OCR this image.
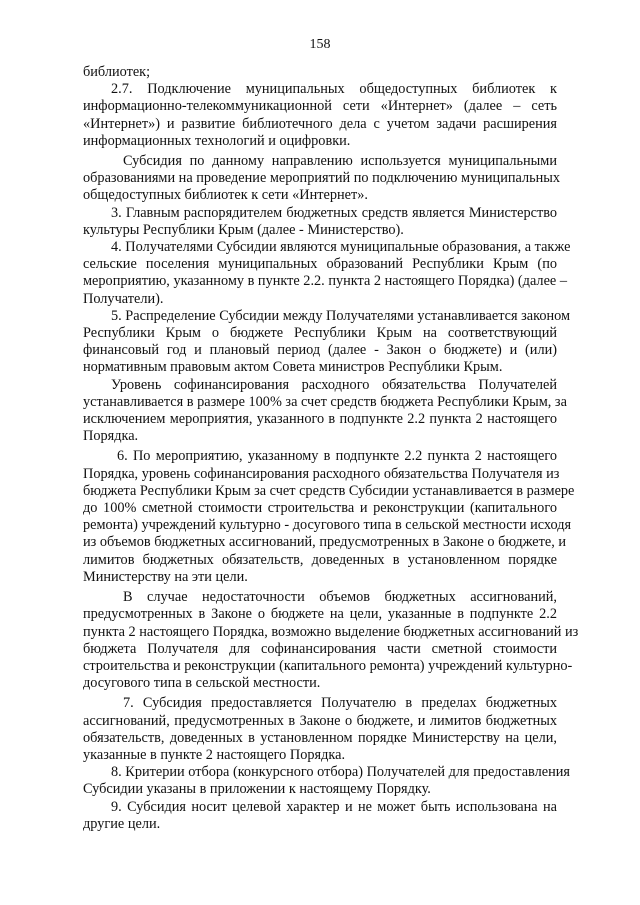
158
библиотек;
2.7. Подключение муниципальных общедоступных библиотек к
информационно-телекоммуникационной сети «Интернет» (далее – сеть
«Интернет») и развитие библиотечного дела с учетом задачи расширения
информационных технологий и оцифровки.
Субсидия по данному направлению используется муниципальными
образованиями на проведение мероприятий по подключению муниципальных
общедоступных библиотек к сети «Интернет».
3. Главным распорядителем бюджетных средств является Министерство
культуры Республики Крым (далее - Министерство).
4. Получателями Субсидии являются муниципальные образования, а также
сельские поселения муниципальных образований Республики Крым (по
мероприятию, указанному в пункте 2.2. пункта 2 настоящего Порядка) (далее –
Получатели).
5. Распределение Субсидии между Получателями устанавливается законом
Республики Крым о бюджете Республики Крым на соответствующий
финансовый год и плановый период (далее - Закон о бюджете) и (или)
нормативным правовым актом Совета министров Республики Крым.
Уровень софинансирования расходного обязательства Получателей
устанавливается в размере 100% за счет средств бюджета Республики Крым, за
исключением мероприятия, указанного в подпункте 2.2 пункта 2 настоящего
Порядка.
6. По мероприятию, указанному в подпункте 2.2 пункта 2 настоящего
Порядка, уровень софинансирования расходного обязательства Получателя из
бюджета Республики Крым за счет средств Субсидии устанавливается в размере
до 100% сметной стоимости строительства и реконструкции (капитального
ремонта) учреждений культурно - досугового типа в сельской местности исходя
из объемов бюджетных ассигнований, предусмотренных в Законе о бюджете, и
лимитов бюджетных обязательств, доведенных в установленном порядке
Министерству на эти цели.
В случае недостаточности объемов бюджетных ассигнований,
предусмотренных в Законе о бюджете на цели, указанные в подпункте 2.2
пункта 2 настоящего Порядка, возможно выделение бюджетных ассигнований из
бюджета Получателя для софинансирования части сметной стоимости
строительства и реконструкции (капитального ремонта) учреждений культурно-
досугового типа в сельской местности.
7. Субсидия предоставляется Получателю в пределах бюджетных
ассигнований, предусмотренных в Законе о бюджете, и лимитов бюджетных
обязательств, доведенных в установленном порядке Министерству на цели,
указанные в пункте 2 настоящего Порядка.
8. Критерии отбора (конкурсного отбора) Получателей для предоставления
Субсидии указаны в приложении к настоящему Порядку.
9. Субсидия носит целевой характер и не может быть использована на
другие цели.
